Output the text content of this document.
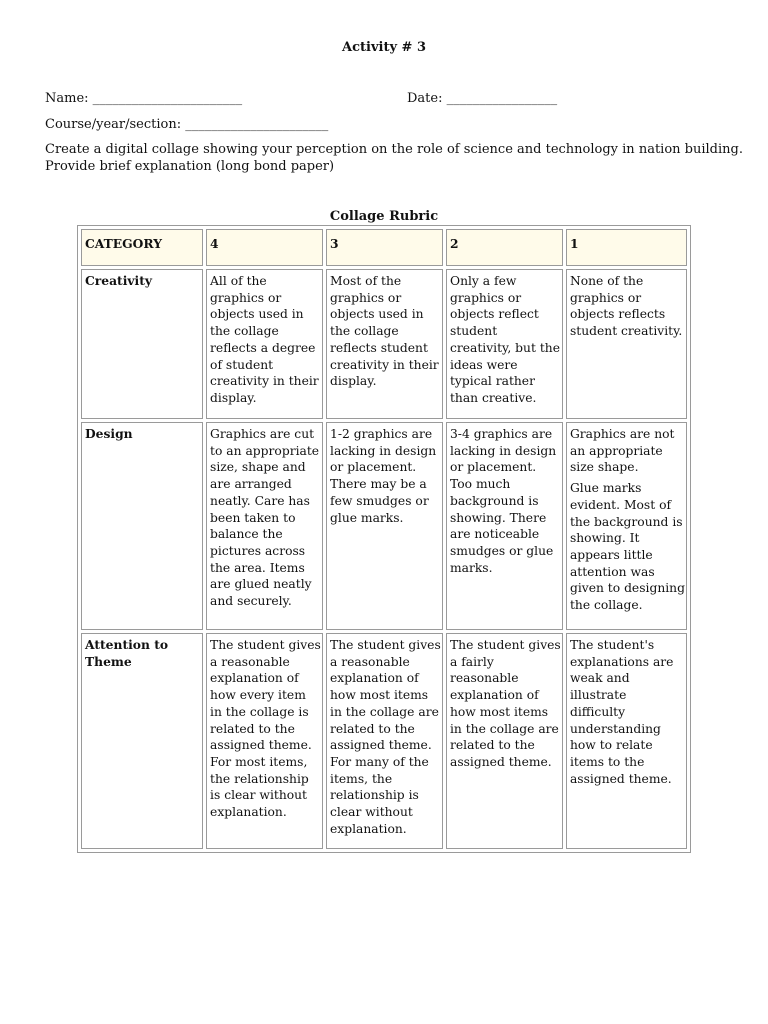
Activity # 3
Name: _______________________	Date: _________________
Course/year/section: ______________________
Create a digital collage showing your perception on the role of science and technology in nation building.
Provide brief explanation (long bond paper)
Collage Rubric
CATEGORY	4	3	2	1
Creativity	All of the graphics or objects used in the collage reflects a degree of student creativity in their display.	Most of the graphics or objects used in the collage reflects student creativity in their display.	Only a few graphics or objects reflect student creativity, but the ideas were typical rather than creative.	None of the graphics or objects reflects student creativity.

Design	Graphics are cut to an appropriate size, shape and are arranged neatly. Care has been taken to balance the pictures across the area. Items are glued neatly and securely.	1-2 graphics are lacking in design or placement. There may be a few smudges or glue marks.	3-4 graphics are lacking in design or placement. Too much background is showing. There are noticeable smudges or glue marks.	Graphics are not an appropriate size shape.
Glue marks evident. Most of the background is showing. It appears little attention was given to designing the collage.

Attention to Theme	The student gives a reasonable explanation of how every item in the collage is related to the assigned theme. For most items, the relationship is clear without explanation.	The student gives a reasonable explanation of how most items in the collage are related to the assigned theme. For many of the items, the relationship is clear without explanation.	The student gives a fairly reasonable explanation of how most items in the collage are related to the assigned theme.	The student's explanations are weak and illustrate difficulty understanding how to relate items to the assigned theme.
